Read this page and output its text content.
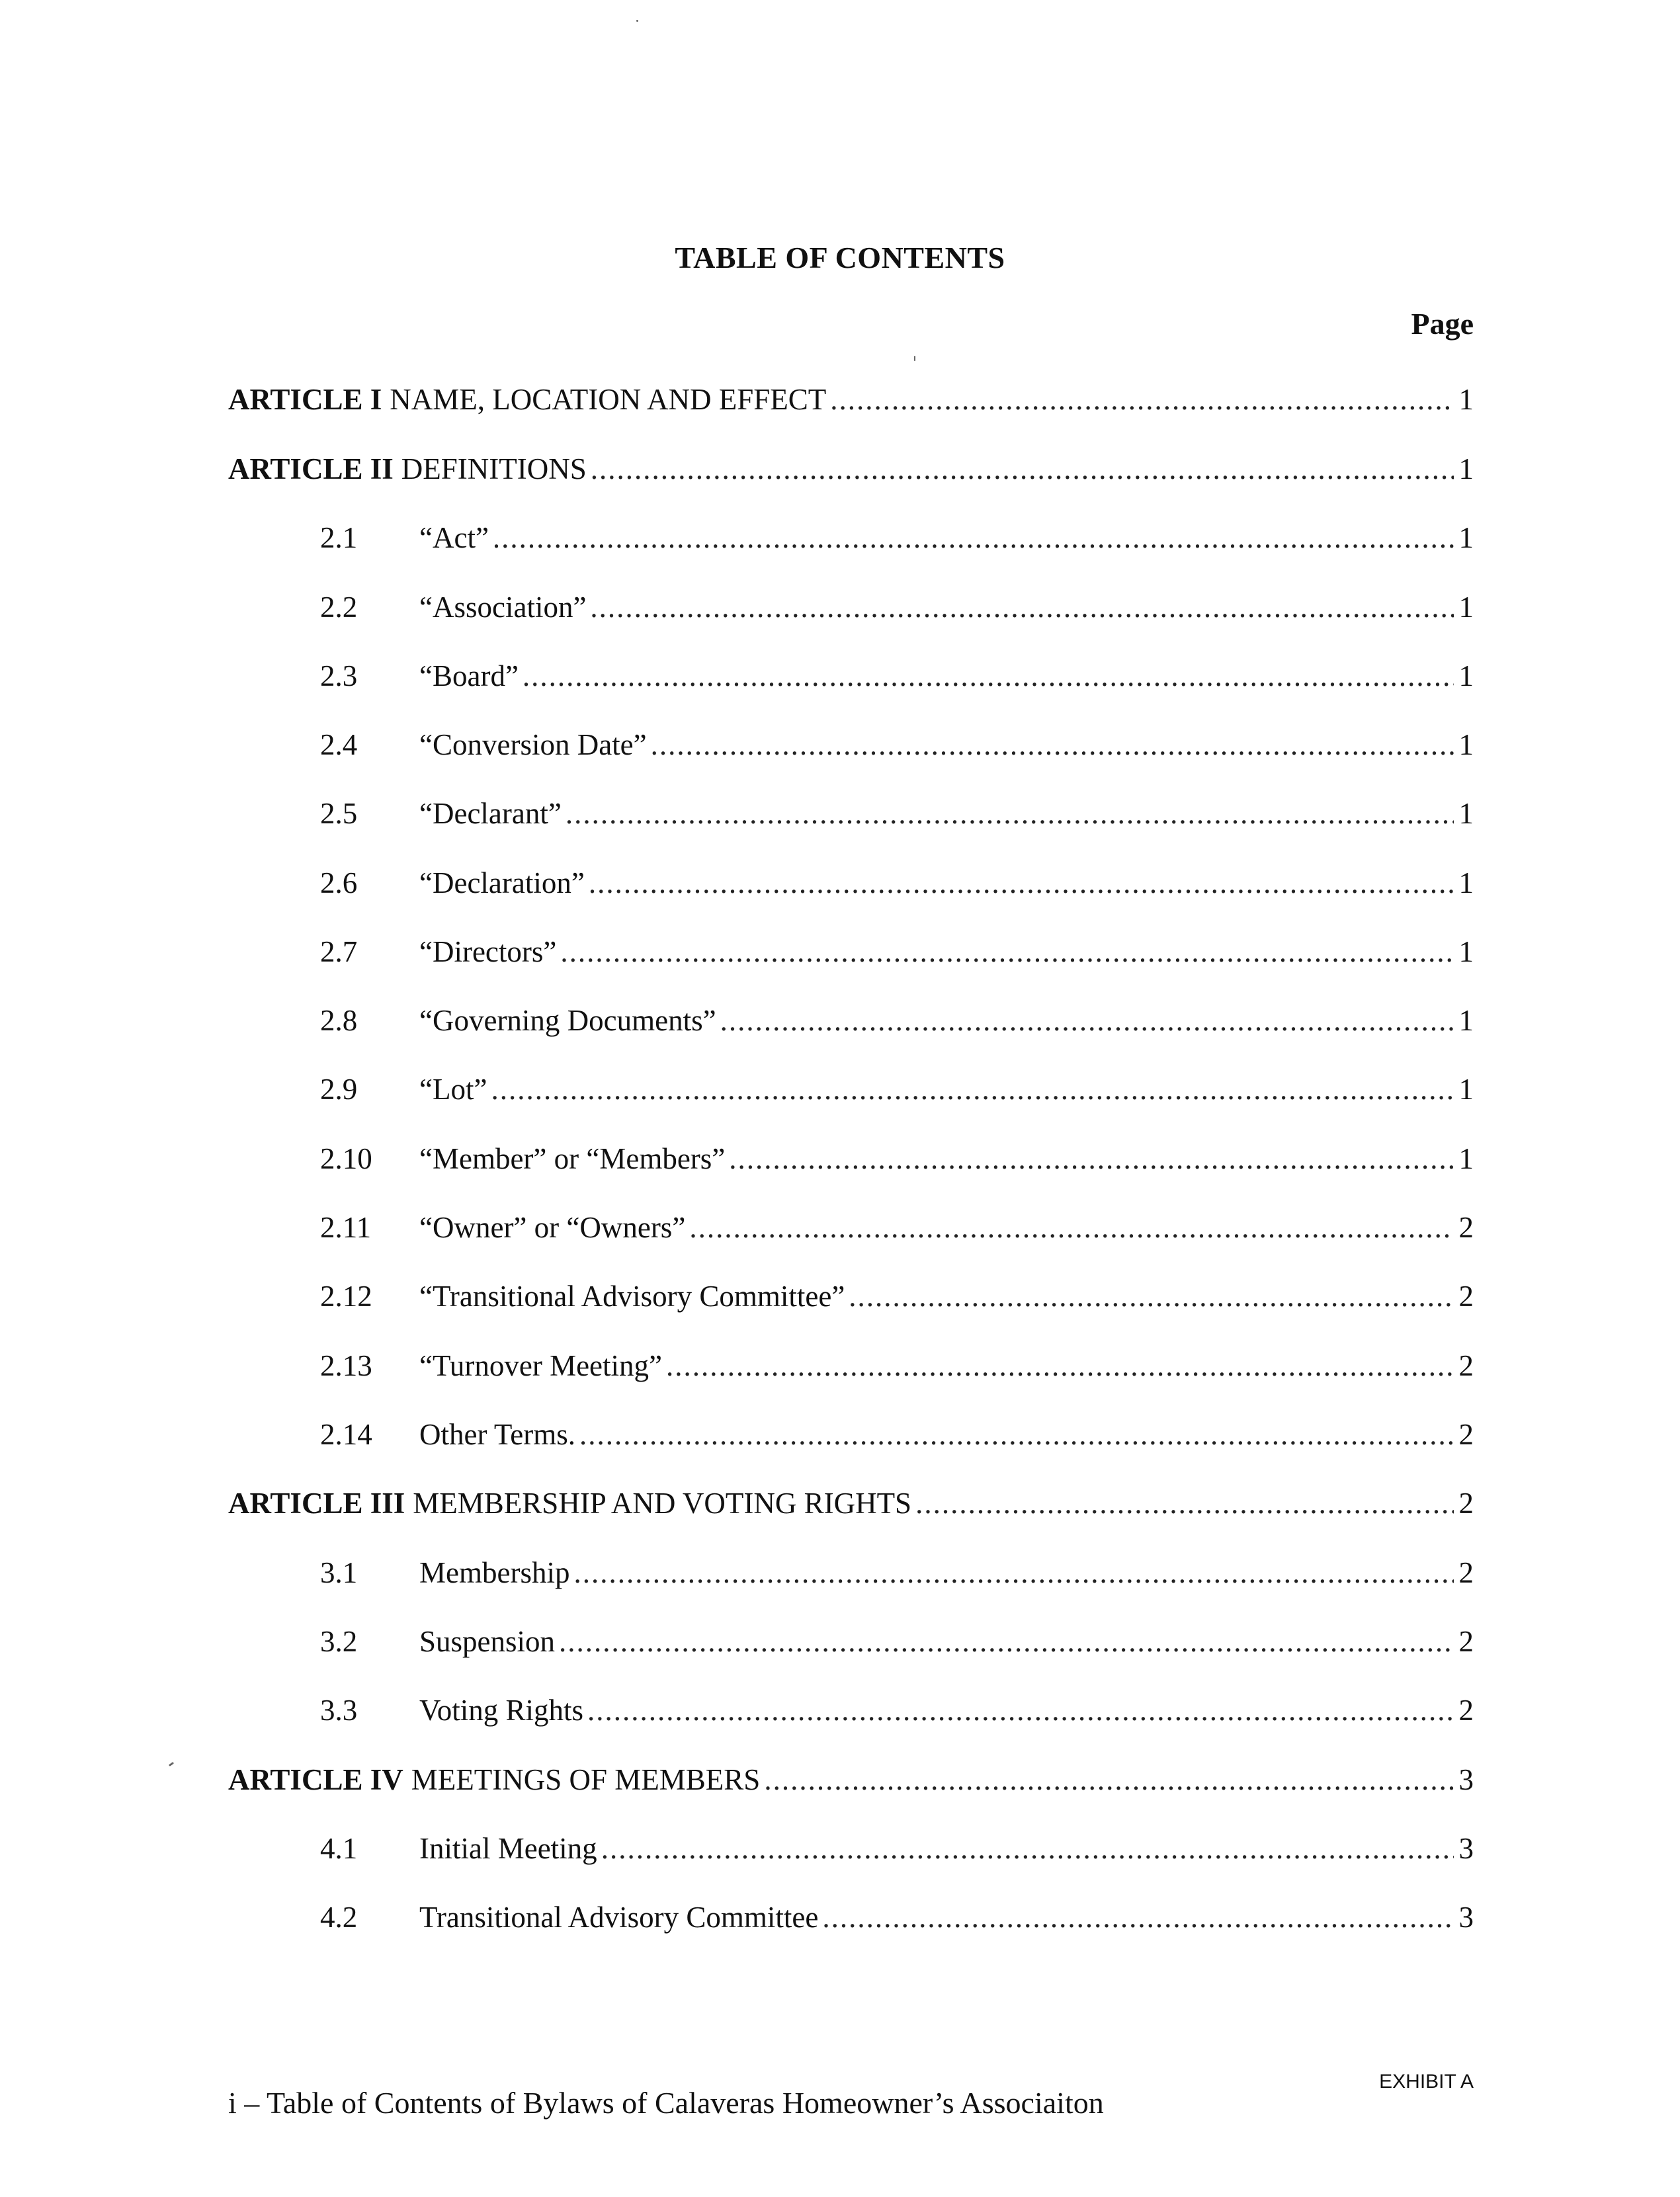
TABLE OF CONTENTS
Page
ARTICLE I NAME, LOCATION AND EFFECT .....	1
ARTICLE II DEFINITIONS .....	1
2.1	“Act” .....	1
2.2	“Association” .....	1
2.3	“Board” .....	1
2.4	“Conversion Date” .....	1
2.5	“Declarant” .....	1
2.6	“Declaration” .....	1
2.7	“Directors” .....	1
2.8	“Governing Documents” .....	1
2.9	“Lot” .....	1
2.10	“Member” or “Members” .....	1
2.11	“Owner” or “Owners” .....	2
2.12	“Transitional Advisory Committee” .....	2
2.13	“Turnover Meeting” .....	2
2.14	Other Terms. .....	2
ARTICLE III MEMBERSHIP AND VOTING RIGHTS .....	2
3.1	Membership .....	2
3.2	Suspension .....	2
3.3	Voting Rights .....	2
ARTICLE IV MEETINGS OF MEMBERS .....	3
4.1	Initial Meeting .....	3
4.2	Transitional Advisory Committee .....	3
EXHIBIT A
i – Table of Contents of Bylaws of Calaveras Homeowner’s Associaiton
